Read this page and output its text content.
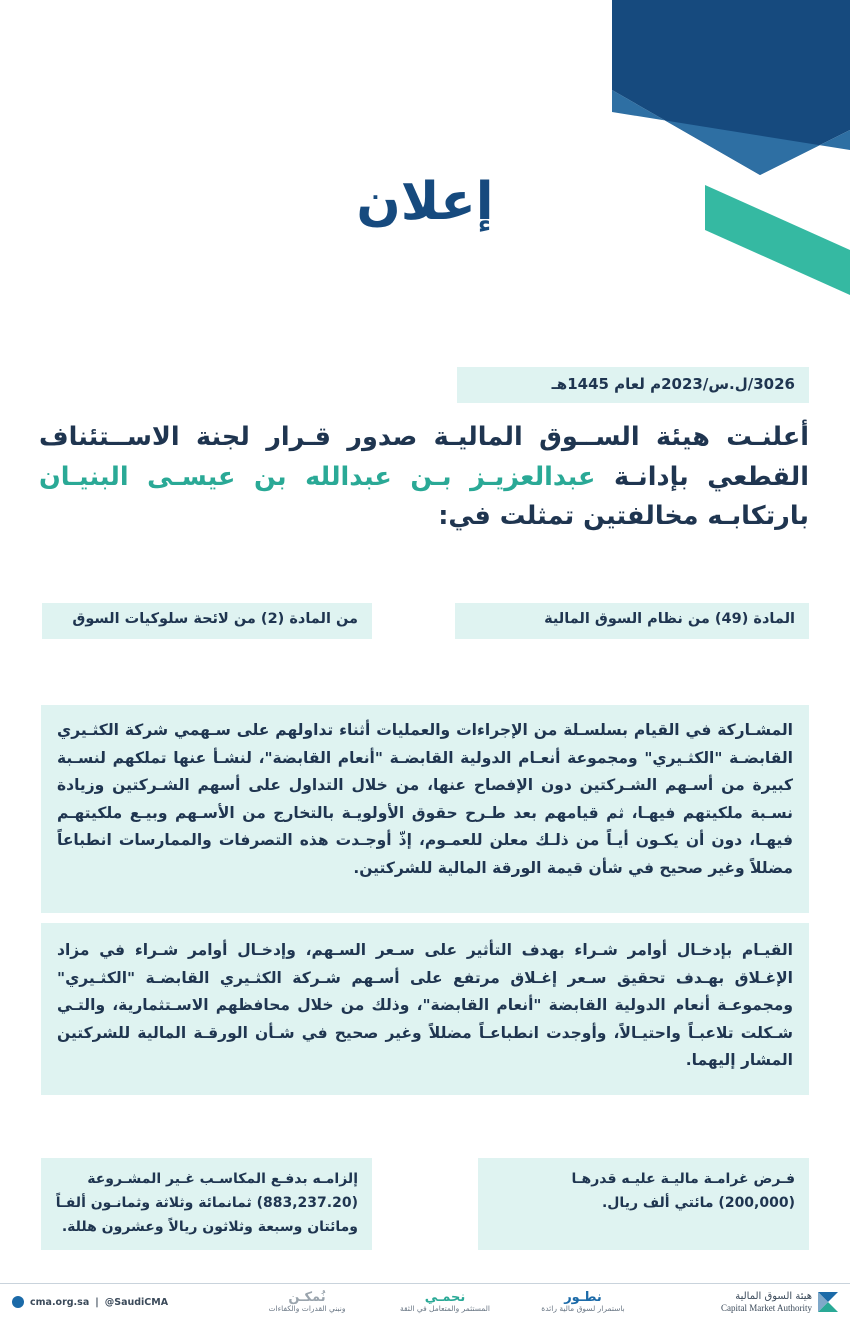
إعلان
رقم القرار:
3026/ل.س/2023م لعام 1445هـ

أعلنـت هيئة الســوق الماليـة صدور قـرار لجنة الاســتئناف القطعي بإدانـة عبدالعزيـز بـن عبدالله بن عيسـى البنيـان بارتكابـه مخالفتين تمثلت في:

الفقرة (أ)
المادة (49) من نظام السوق المالية
الفقرة (أ)
من المادة (2) من لائحة سلوكيات السوق
أبرز المخالفات التي تمت إدانته فيها:
المشـاركة في القيام بسلسـلة من الإجراءات والعمليات أثناء تداولهم على سـهمي شركة الكثـيري القابضـة "الكثـيري" ومجموعة أنعـام الدولية القابضـة "أنعام القابضة"، لنشـأ عنها تملكهم لنسـبة كبيرة من أسـهم الشـركتين دون الإفصاح عنها، من خلال التداول على أسهم الشـركتين وزيادة نسـبة ملكيتهم فيهـا، ثم قيامهم بعد طـرح حقوق الأولويـة بالتخارج من الأسـهم وبيـع ملكيتهـم فيهـا، دون أن يكـون أيـاً من ذلـك معلن للعمـوم، إذّ أوجـدت هذه التصرفات والممارسات انطباعاً مضللاً وغير صحيح في شأن قيمة الورقة المالية للشركتين.
القيـام بإدخـال أوامر شـراء بهدف التأثير على سـعر السـهم، وإدخـال أوامر شـراء في مزاد الإغـلاق بهـدف تحقيق سـعر إغـلاق مرتفع على أسـهم شـركة الكثـيري القابضـة "الكثـيري" ومجموعـة أنعام الدولية القابضة "أنعام القابضة"، وذلك من خلال محافظهم الاسـتثمارية، والتـي شـكلت تلاعبـاً واحتيـالاً، وأوجدت انطباعـاً مضللاً وغير صحيح في شـأن الورقـة المالية للشركتين المشار إليهما.
العقوبة:
فـرض غرامـة ماليـة عليـه قدرهـا (200,000) مائتي ألف ريال.
إلزامـه بدفـع المكاسـب غـير المشـروعة (883,237.20) ثمانمائة وثلاثة وثمانـون ألفـاً ومائتان وسبعة وثلاثون ريالاً وعشرون هللة.
هيئة السوق المالية
Capital Market Authority
نطـور
باستمرار لسوق مالية رائدة
نحمـي
المستثمر والمتعامل في الثقة
نُمكـن
ونبني القدرات والكفاءات
cma.org.sa | @SaudiCMA
